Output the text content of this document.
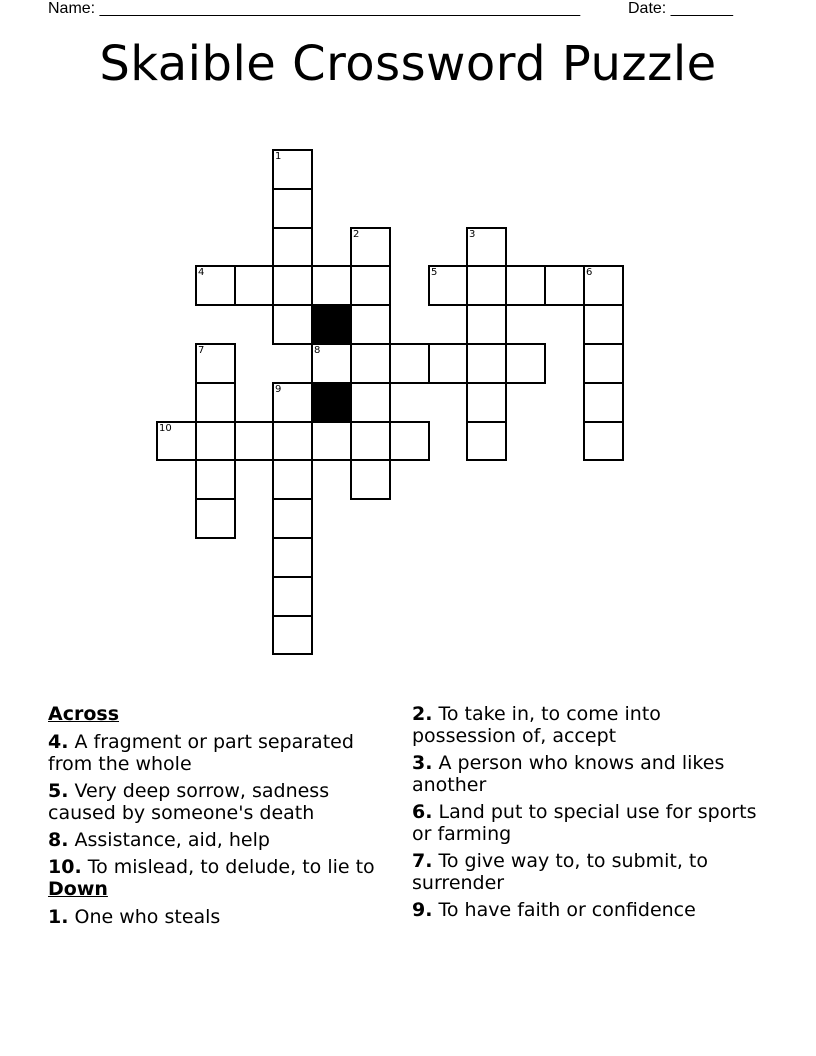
Name: ______________________________________________________	Date: _______
Skaible Crossword Puzzle
1
2	3
4	5	6
7	8
9
10
Across
4. A fragment or part separated from the whole
5. Very deep sorrow, sadness caused by someone's death
8. Assistance, aid, help
10. To mislead, to delude, to lie to
Down
1. One who steals
2. To take in, to come into possession of, accept
3. A person who knows and likes another
6. Land put to special use for sports or farming
7. To give way to, to submit, to surrender
9. To have faith or confidence
